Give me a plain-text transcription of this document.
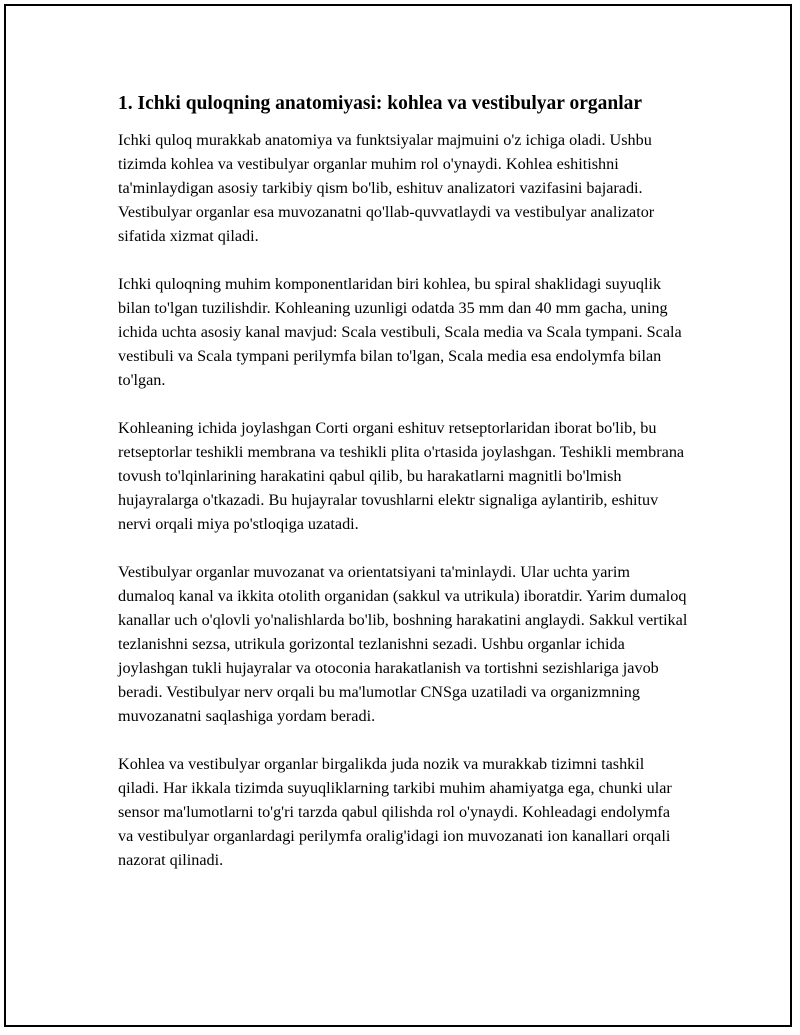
1. Ichki quloqning anatomiyasi: kohlea va vestibulyar organlar

Ichki quloq murakkab anatomiya va funktsiyalar majmuini o'z ichiga oladi. Ushbu tizimda kohlea va vestibulyar organlar muhim rol o'ynaydi. Kohlea eshitishni ta'minlaydigan asosiy tarkibiy qism bo'lib, eshituv analizatori vazifasini bajaradi. Vestibulyar organlar esa muvozanatni qo'llab-quvvatlaydi va vestibulyar analizator sifatida xizmat qiladi.

Ichki quloqning muhim komponentlaridan biri kohlea, bu spiral shaklidagi suyuqlik bilan to'lgan tuzilishdir. Kohleaning uzunligi odatda 35 mm dan 40 mm gacha, uning ichida uchta asosiy kanal mavjud: Scala vestibuli, Scala media va Scala tympani. Scala vestibuli va Scala tympani perilymfa bilan to'lgan, Scala media esa endolymfa bilan to'lgan.

Kohleaning ichida joylashgan Corti organi eshituv retseptorlaridan iborat bo'lib, bu retseptorlar teshikli membrana va teshikli plita o'rtasida joylashgan. Teshikli membrana tovush to'lqinlarining harakatini qabul qilib, bu harakatlarni magnitli bo'lmish hujayralarga o'tkazadi. Bu hujayralar tovushlarni elektr signaliga aylantirib, eshituv nervi orqali miya po'stloqiga uzatadi.

Vestibulyar organlar muvozanat va orientatsiyani ta'minlaydi. Ular uchta yarim dumaloq kanal va ikkita otolith organidan (sakkul va utrikula) iboratdir. Yarim dumaloq kanallar uch o'qlovli yo'nalishlarda bo'lib, boshning harakatini anglaydi. Sakkul vertikal tezlanishni sezsa, utrikula gorizontal tezlanishni sezadi. Ushbu organlar ichida joylashgan tukli hujayralar va otoconia harakatlanish va tortishni sezishlariga javob beradi. Vestibulyar nerv orqali bu ma'lumotlar CNSga uzatiladi va organizmning muvozanatni saqlashiga yordam beradi.

Kohlea va vestibulyar organlar birgalikda juda nozik va murakkab tizimni tashkil qiladi. Har ikkala tizimda suyuqliklarning tarkibi muhim ahamiyatga ega, chunki ular sensor ma'lumotlarni to'g'ri tarzda qabul qilishda rol o'ynaydi. Kohleadagi endolymfa va vestibulyar organlardagi perilymfa oralig'idagi ion muvozanati ion kanallari orqali nazorat qilinadi.
